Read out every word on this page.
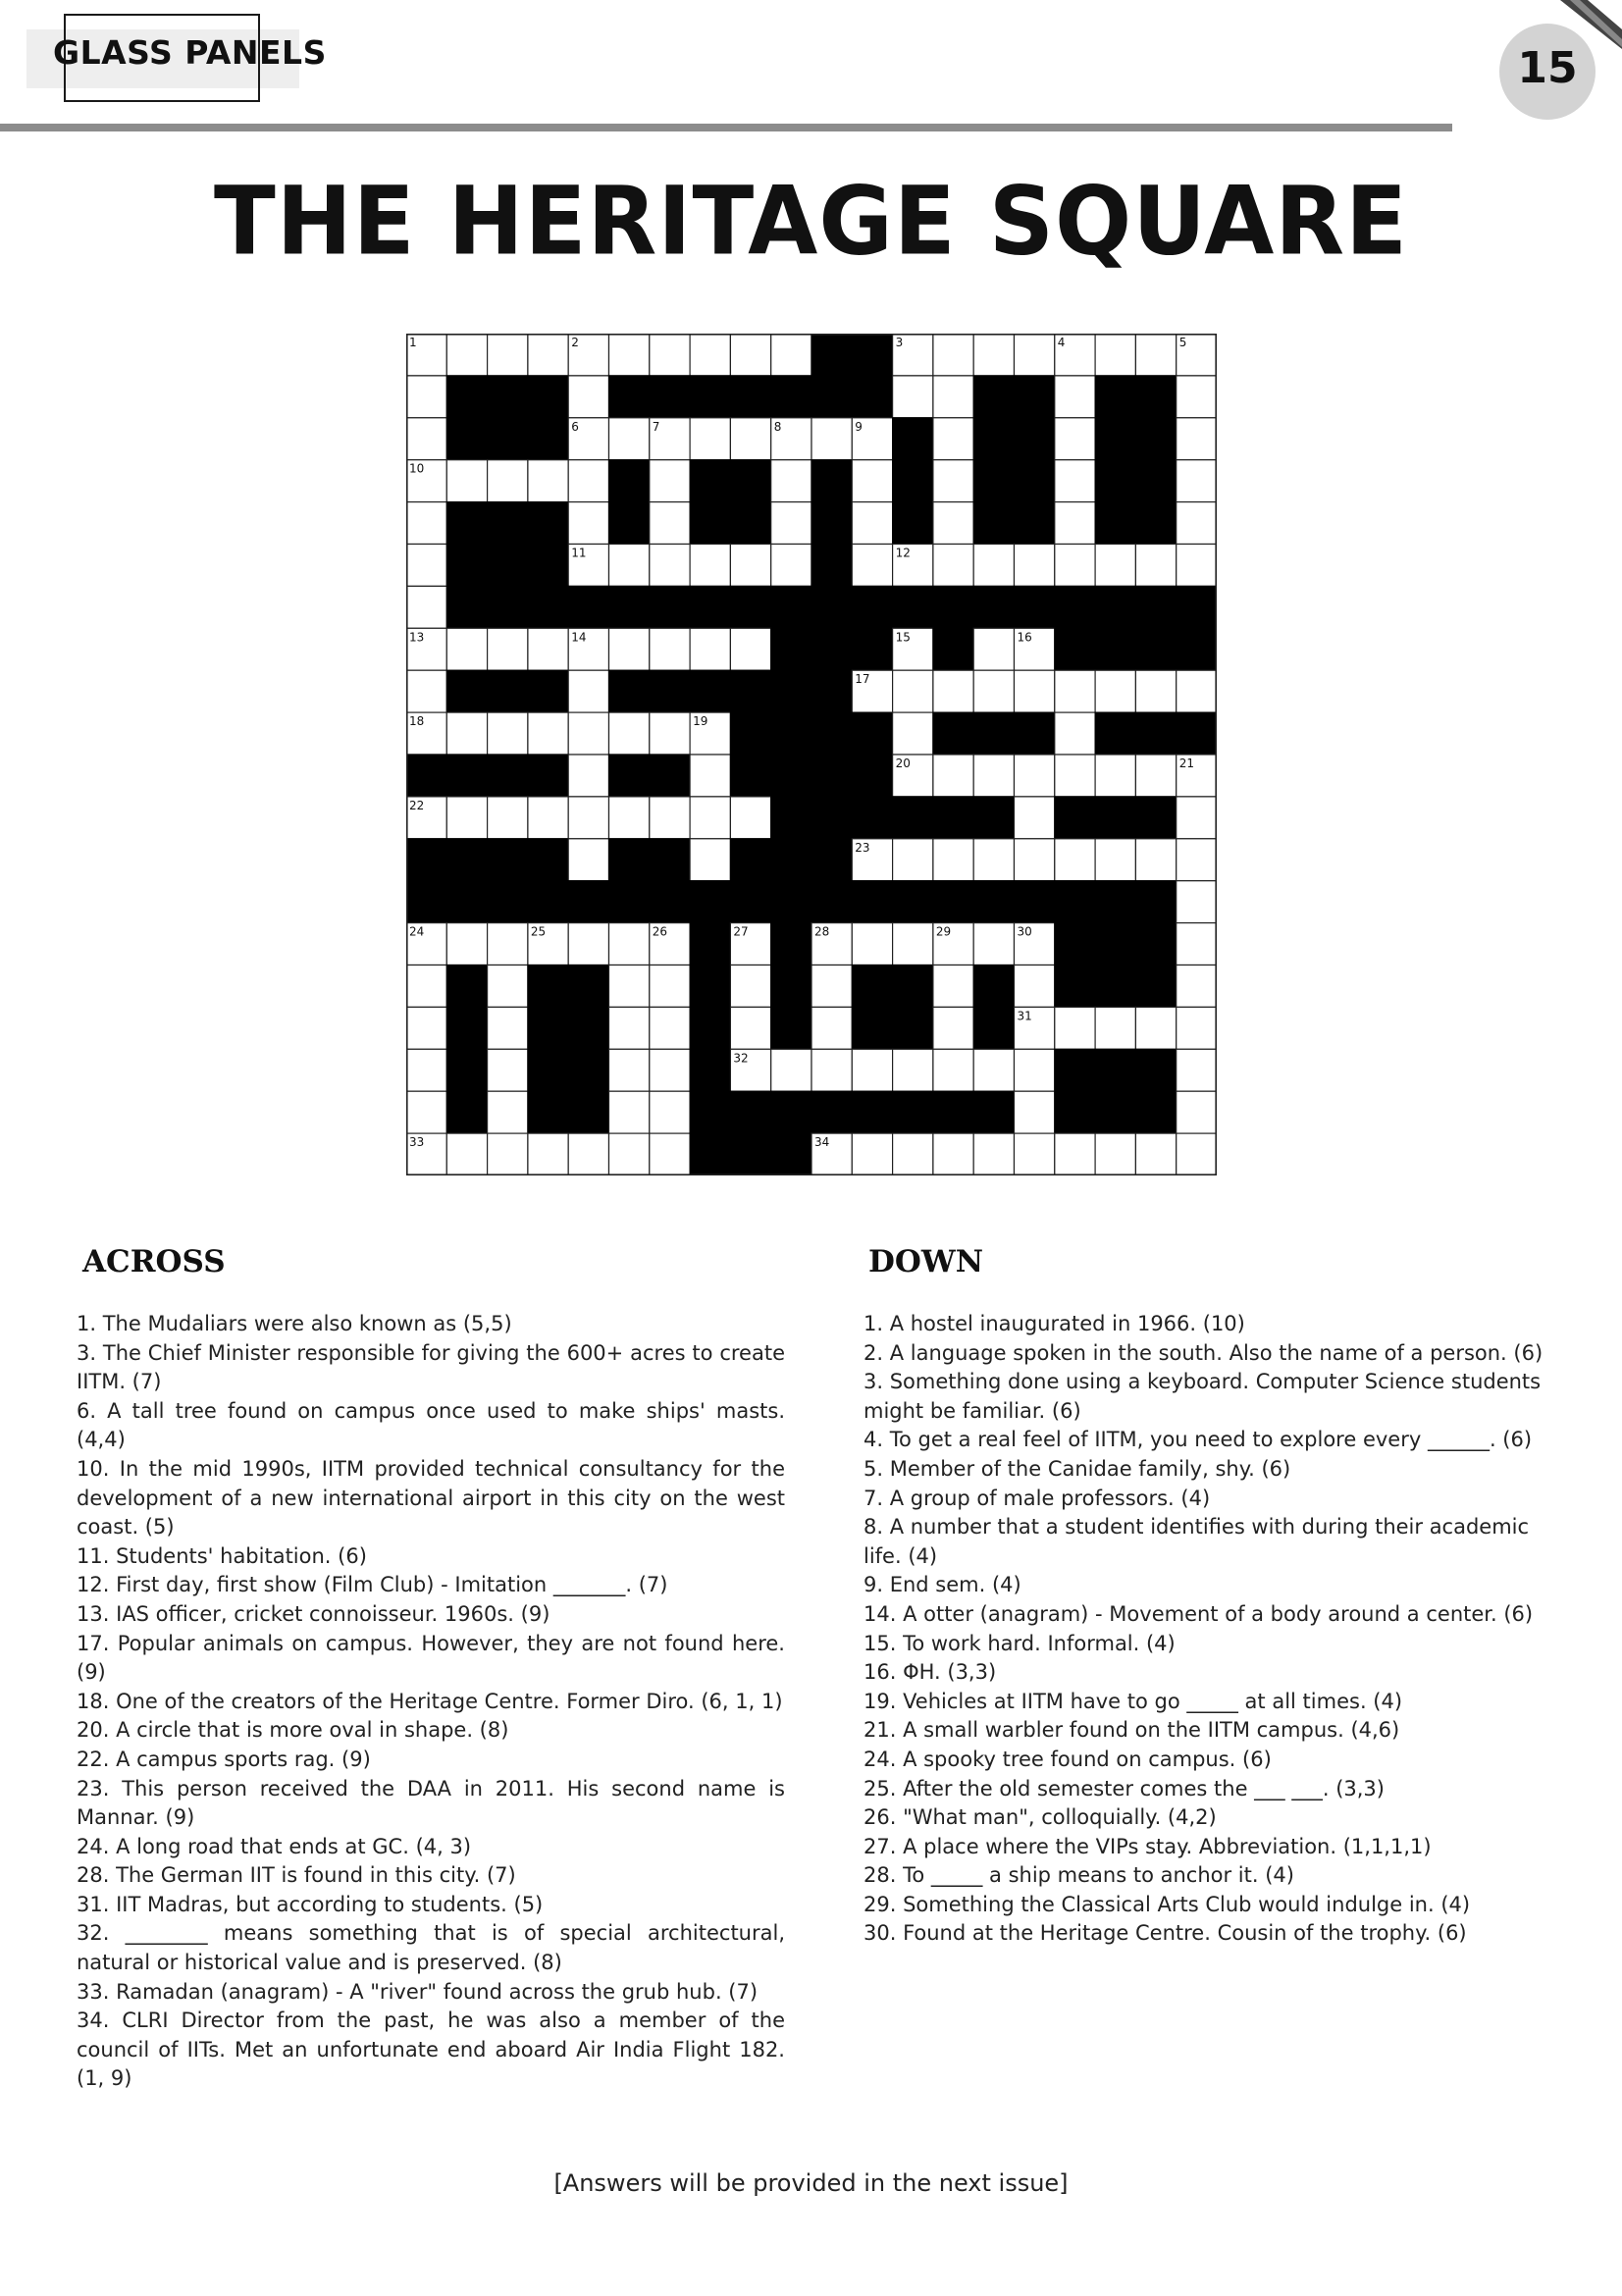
GLASS PANELS	15
THE HERITAGE SQUARE
1	2	3	4	5
6	7	8	9
10
11	12
13	14	15	16
17
18	19
20	21
22
23
24	25	26	27	28	29	30
31
32
33	34
ACROSS	DOWN

1. The Mudaliars were also known as (5,5)

3. The Chief Minister responsible for giving the 600+ acres to create IITM. (7)

6. A tall tree found on campus once used to make ships' masts. (4,4)

10. In the mid 1990s, IITM provided technical consultancy for the development of a new international airport in this city on the west coast. (5)

11. Students' habitation. (6)

12. First day, first show (Film Club) - Imitation _______. (7)

13. IAS officer, cricket connoisseur. 1960s. (9)

17. Popular animals on campus. However, they are not found here. (9)

18. One of the creators of the Heritage Centre. Former Diro. (6, 1, 1)

20. A circle that is more oval in shape. (8)

22. A campus sports rag. (9)

23. This person received the DAA in 2011. His second name is Mannar. (9)

24. A long road that ends at GC. (4, 3)

28. The German IIT is found in this city. (7)

31. IIT Madras, but according to students. (5)

32. ________ means something that is of special architectural, natural or historical value and is preserved. (8)

33. Ramadan (anagram) - A "river" found across the grub hub. (7)

34. CLRI Director from the past, he was also a member of the council of IITs. Met an unfortunate end aboard Air India Flight 182. (1, 9)

1. A hostel inaugurated in 1966. (10)

2. A language spoken in the south. Also the name of a person. (6)

3. Something done using a keyboard. Computer Science students might be familiar. (6)

4. To get a real feel of IITM, you need to explore every ______. (6)

5. Member of the Canidae family, shy. (6)

7. A group of male professors. (4)

8. A number that a student identifies with during their academic life. (4)

9. End sem. (4)

14. A otter (anagram) - Movement of a body around a center. (6)

15. To work hard. Informal. (4)

16. ΦH. (3,3)

19. Vehicles at IITM have to go _____ at all times. (4)

21. A small warbler found on the IITM campus. (4,6)

24. A spooky tree found on campus. (6)

25. After the old semester comes the ___ ___. (3,3)

26. "What man", colloquially. (4,2)

27. A place where the VIPs stay. Abbreviation. (1,1,1,1)

28. To _____ a ship means to anchor it. (4)

29. Something the Classical Arts Club would indulge in. (4)

30. Found at the Heritage Centre. Cousin of the trophy. (6)

[Answers will be provided in the next issue]
